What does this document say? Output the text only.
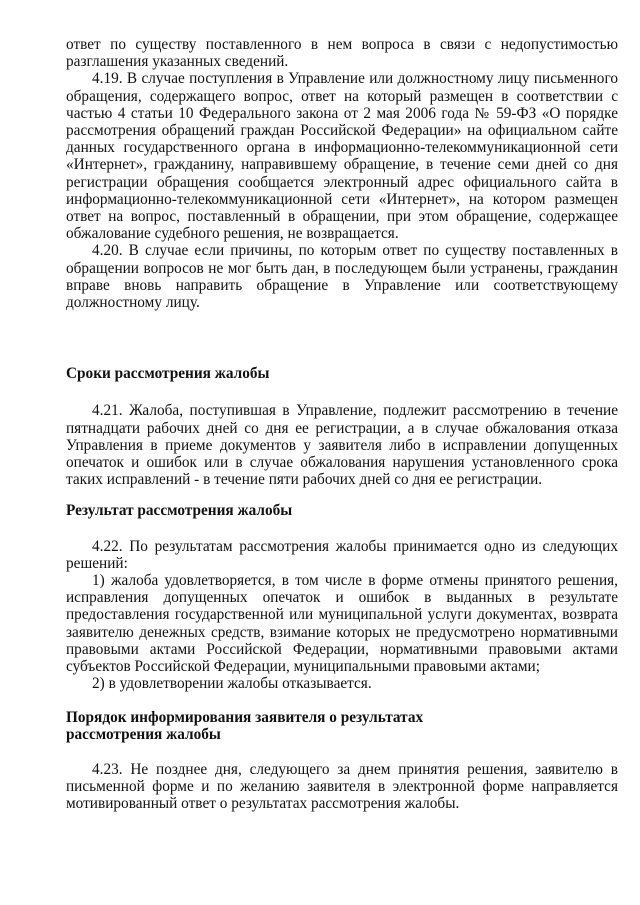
ответ по существу поставленного в нем вопроса в связи с недопустимостью разглашения указанных сведений.

4.19. В случае поступления в Управление или должностному лицу письменного обращения, содержащего вопрос, ответ на который размещен в соответствии с частью 4 статьи 10 Федерального закона от 2 мая 2006 года № 59-ФЗ «О порядке рассмотрения обращений граждан Российской Федерации» на официальном сайте данных государственного органа в информационно-телекоммуникационной сети «Интернет», гражданину, направившему обращение, в течение семи дней со дня регистрации обращения сообщается электронный адрес официального сайта в информационно-телекоммуникационной сети «Интернет», на котором размещен ответ на вопрос, поставленный в обращении, при этом обращение, содержащее обжалование судебного решения, не возвращается.

4.20. В случае если причины, по которым ответ по существу поставленных в обращении вопросов не мог быть дан, в последующем были устранены, гражданин вправе вновь направить обращение в Управление или соответствующему должностному лицу.

Сроки рассмотрения жалобы

4.21. Жалоба, поступившая в Управление, подлежит рассмотрению в течение пятнадцати рабочих дней со дня ее регистрации, а в случае обжалования отказа Управления в приеме документов у заявителя либо в исправлении допущенных опечаток и ошибок или в случае обжалования нарушения установленного срока таких исправлений - в течение пяти рабочих дней со дня ее регистрации.

Результат рассмотрения жалобы

4.22. По результатам рассмотрения жалобы принимается одно из следующих решений:

1) жалоба удовлетворяется, в том числе в форме отмены принятого решения, исправления допущенных опечаток и ошибок в выданных в результате предоставления государственной или муниципальной услуги документах, возврата заявителю денежных средств, взимание которых не предусмотрено нормативными правовыми актами Российской Федерации, нормативными правовыми актами субъектов Российской Федерации, муниципальными правовыми актами;

2) в удовлетворении жалобы отказывается.

Порядок информирования заявителя о результатах
рассмотрения жалобы

4.23. Не позднее дня, следующего за днем принятия решения, заявителю в письменной форме и по желанию заявителя в электронной форме направляется мотивированный ответ о результатах рассмотрения жалобы.
